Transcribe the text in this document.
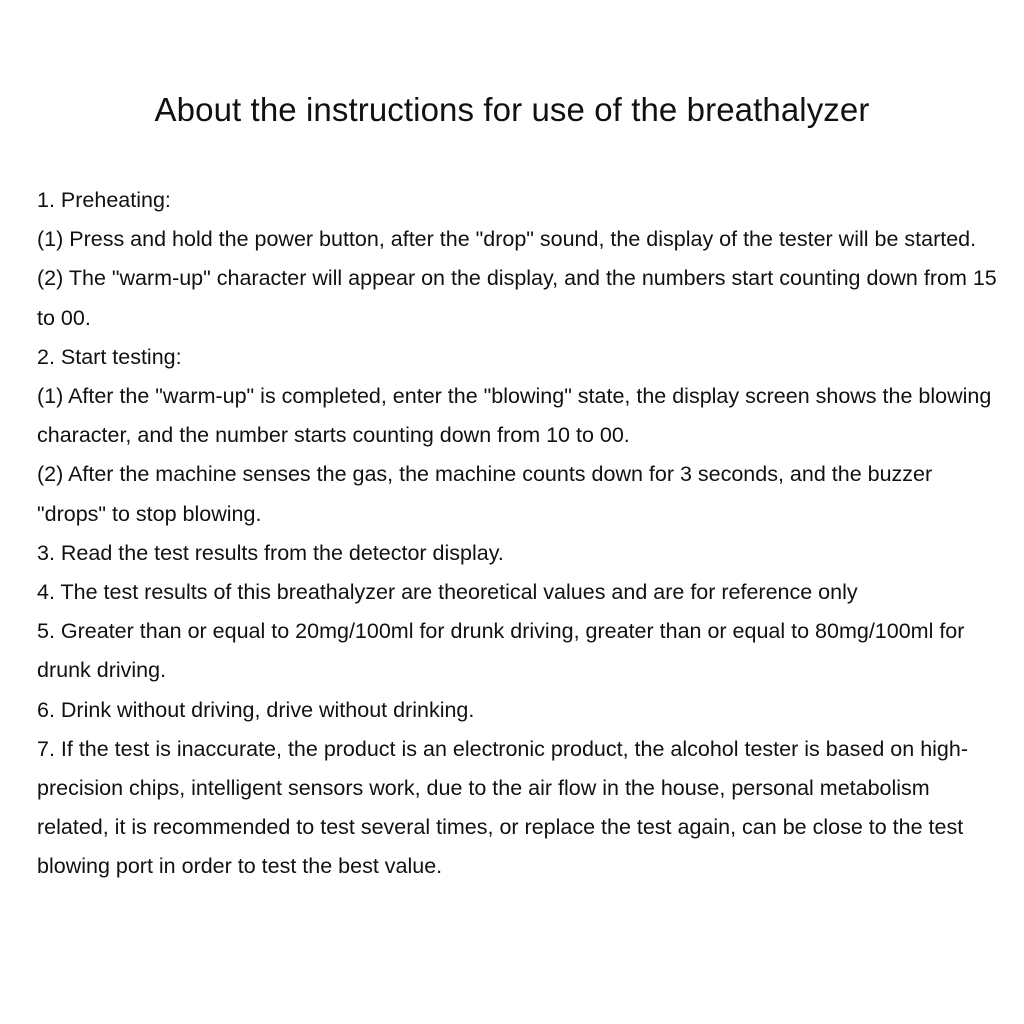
About the instructions for use of the breathalyzer

1. Preheating:

(1) Press and hold the power button, after the "drop" sound, the display of the tester will be started.

(2) The "warm-up" character will appear on the display, and the numbers start counting down from 15 to 00.

2. Start testing:

(1) After the "warm-up" is completed, enter the "blowing" state, the display screen shows the blowing character, and the number starts counting down from 10 to 00.

(2) After the machine senses the gas, the machine counts down for 3 seconds, and the buzzer "drops" to stop blowing.

3. Read the test results from the detector display.

4. The test results of this breathalyzer are theoretical values and are for reference only

5. Greater than or equal to 20mg/100ml for drunk driving, greater than or equal to 80mg/100ml for drunk driving.

6. Drink without driving, drive without drinking.

7. If the test is inaccurate, the product is an electronic product, the alcohol tester is based on high-precision chips, intelligent sensors work, due to the air flow in the house, personal metabolism related, it is recommended to test several times, or replace the test again, can be close to the test blowing port in order to test the best value.
